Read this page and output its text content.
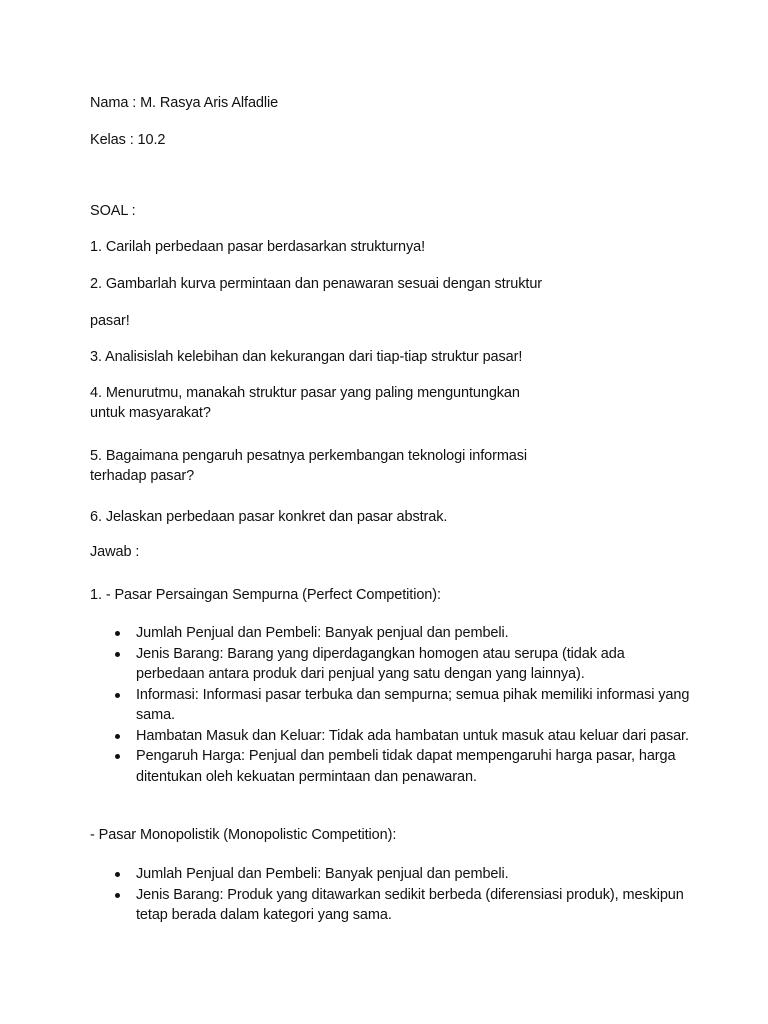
Nama : M. Rasya Aris Alfadlie
Kelas : 10.2
SOAL :
1. Carilah perbedaan pasar berdasarkan strukturnya!
2. Gambarlah kurva permintaan dan penawaran sesuai dengan struktur
pasar!
3. Analisislah kelebihan dan kekurangan dari tiap-tiap struktur pasar!
4. Menurutmu, manakah struktur pasar yang paling menguntungkan
untuk masyarakat?
5. Bagaimana pengaruh pesatnya perkembangan teknologi informasi
terhadap pasar?
6. Jelaskan perbedaan pasar konkret dan pasar abstrak.
Jawab :
1. - Pasar Persaingan Sempurna (Perfect Competition):
Jumlah Penjual dan Pembeli: Banyak penjual dan pembeli.
Jenis Barang: Barang yang diperdagangkan homogen atau serupa (tidak ada perbedaan antara produk dari penjual yang satu dengan yang lainnya).
Informasi: Informasi pasar terbuka dan sempurna; semua pihak memiliki informasi yang sama.
Hambatan Masuk dan Keluar: Tidak ada hambatan untuk masuk atau keluar dari pasar.
Pengaruh Harga: Penjual dan pembeli tidak dapat mempengaruhi harga pasar, harga ditentukan oleh kekuatan permintaan dan penawaran.
- Pasar Monopolistik (Monopolistic Competition):
Jumlah Penjual dan Pembeli: Banyak penjual dan pembeli.
Jenis Barang: Produk yang ditawarkan sedikit berbeda (diferensiasi produk), meskipun tetap berada dalam kategori yang sama.
